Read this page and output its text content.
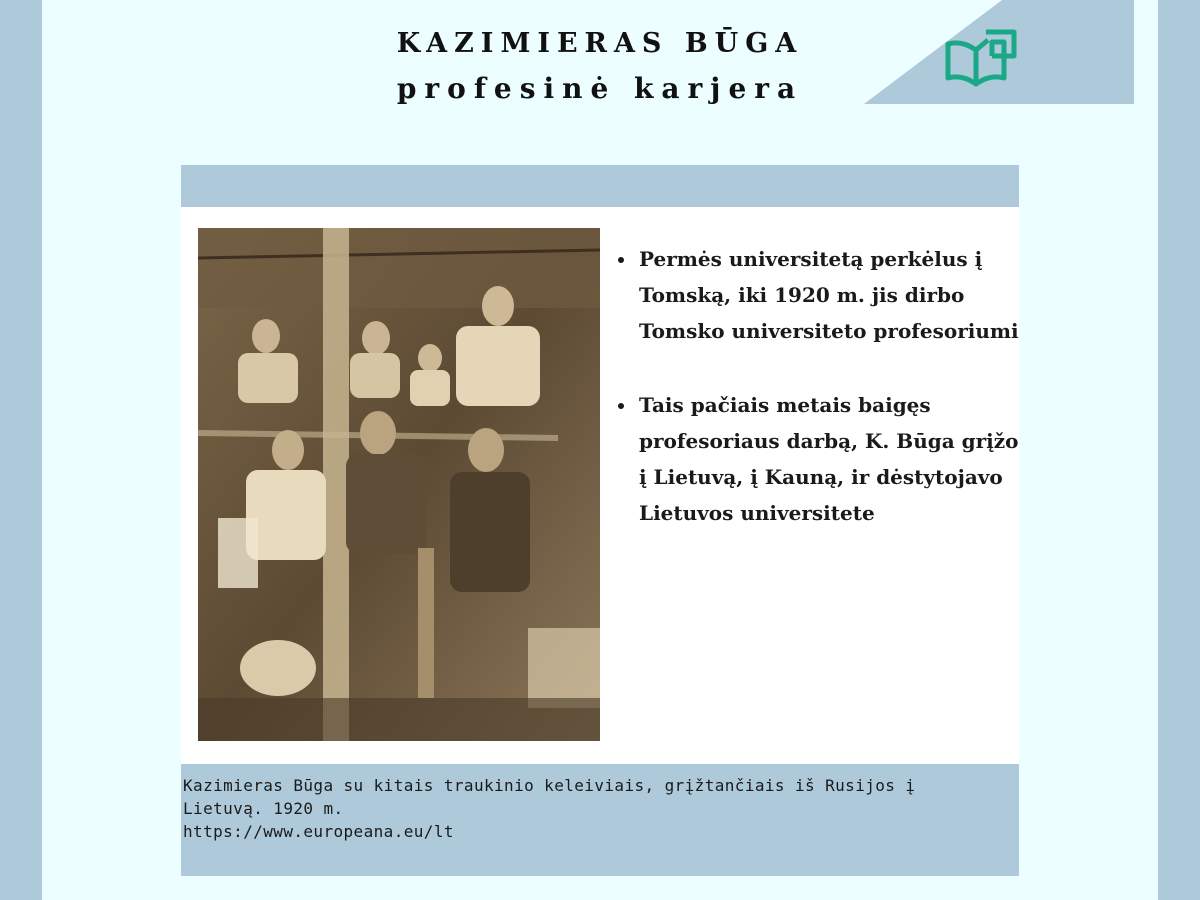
KAZIMIERAS BŪGA
profesinė karjera
• Permės universitetą perkėlus į Tomską, iki 1920 m. jis dirbo Tomsko universiteto profesoriumi
• Tais pačiais metais baigęs profesoriaus darbą, K. Būga grįžo į Lietuvą, į Kauną, ir dėstytojavo Lietuvos universitete
Kazimieras Būga su kitais traukinio keleiviais, grįžtančiais iš Rusijos į Lietuvą. 1920 m.
https://www.europeana.eu/lt
